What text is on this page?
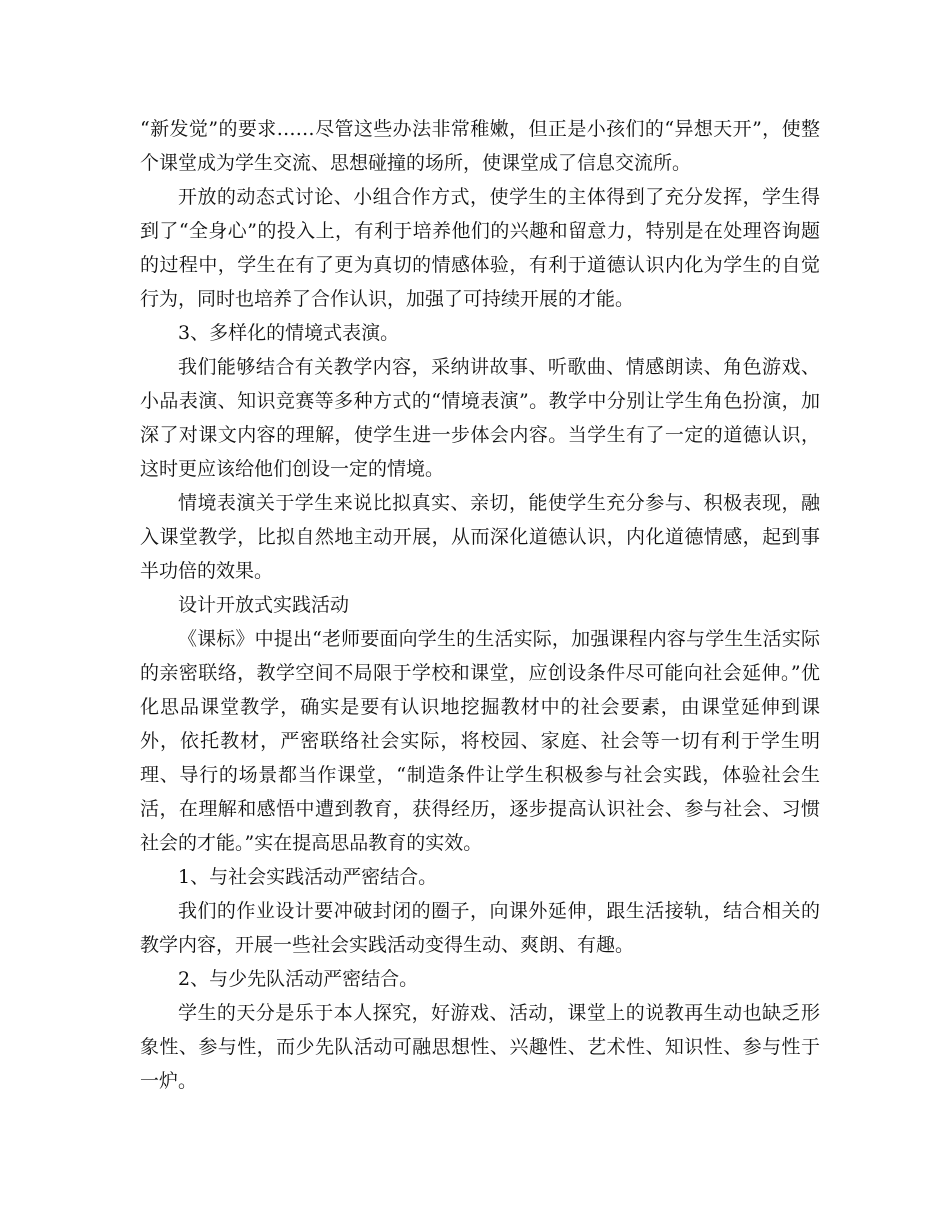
“新发觉”的要求……尽管这些办法非常稚嫩，但正是小孩们的“异想天开”，使整个课堂成为学生交流、思想碰撞的场所，使课堂成了信息交流所。

开放的动态式讨论、小组合作方式，使学生的主体得到了充分发挥，学生得到了“全身心”的投入上，有利于培养他们的兴趣和留意力，特别是在处理咨询题的过程中，学生在有了更为真切的情感体验，有利于道德认识内化为学生的自觉行为，同时也培养了合作认识，加强了可持续开展的才能。

3、多样化的情境式表演。

我们能够结合有关教学内容，采纳讲故事、听歌曲、情感朗读、角色游戏、小品表演、知识竞赛等多种方式的“情境表演”。教学中分别让学生角色扮演，加深了对课文内容的理解，使学生进一步体会内容。当学生有了一定的道德认识，这时更应该给他们创设一定的情境。

情境表演关于学生来说比拟真实、亲切，能使学生充分参与、积极表现，融入课堂教学，比拟自然地主动开展，从而深化道德认识，内化道德情感，起到事半功倍的效果。

设计开放式实践活动

《课标》中提出“老师要面向学生的生活实际，加强课程内容与学生生活实际的亲密联络，教学空间不局限于学校和课堂，应创设条件尽可能向社会延伸。”优化思品课堂教学，确实是要有认识地挖掘教材中的社会要素，由课堂延伸到课外，依托教材，严密联络社会实际，将校园、家庭、社会等一切有利于学生明理、导行的场景都当作课堂，“制造条件让学生积极参与社会实践，体验社会生活，在理解和感悟中遭到教育，获得经历，逐步提高认识社会、参与社会、习惯社会的才能。”实在提高思品教育的实效。

1、与社会实践活动严密结合。

我们的作业设计要冲破封闭的圈子，向课外延伸，跟生活接轨，结合相关的教学内容，开展一些社会实践活动变得生动、爽朗、有趣。

2、与少先队活动严密结合。

学生的天分是乐于本人探究，好游戏、活动，课堂上的说教再生动也缺乏形象性、参与性，而少先队活动可融思想性、兴趣性、艺术性、知识性、参与性于一炉。
